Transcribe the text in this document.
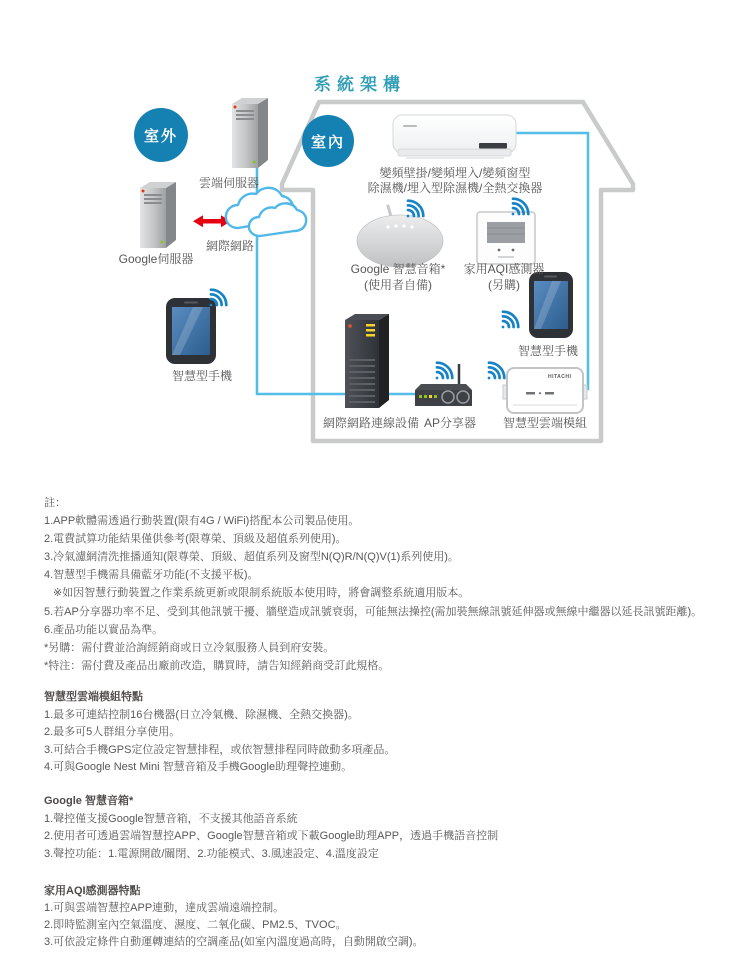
系統架構
室外	室內
雲端伺服器
Google伺服器
網際網路
變頻壁掛/變頻埋入/變頻窗型
除濕機/埋入型除濕機/全熱交換器
Google 智慧音箱*
(使用者自備)
家用AQI感測器
(另購)
智慧型手機
智慧型手機
網際網路連線設備 AP分享器 智慧型雲端模組
HITACHI
註：
1.APP軟體需透過行動裝置(限有4G / WiFi)搭配本公司製品使用。
2.電費試算功能結果僅供參考(限尊榮、頂級及超值系列使用)。
3.冷氣濾網清洗推播通知(限尊榮、頂級、超值系列及窗型N(Q)R/N(Q)V(1)系列使用)。
4.智慧型手機需具備藍牙功能(不支援平板)。
※如因智慧行動裝置之作業系統更新或限制系統版本使用時，將會調整系統適用版本。
5.若AP分享器功率不足、受到其他訊號干擾、牆壁造成訊號衰弱，可能無法操控(需加裝無線訊號延伸器或無線中繼器以延長訊號距離)。
6.產品功能以實品為準。
*另購：需付費並洽詢經銷商或日立冷氣服務人員到府安裝。
*特注：需付費及產品出廠前改造，購買時，請告知經銷商受訂此規格。
智慧型雲端模組特點
1.最多可連結控制16台機器(日立冷氣機、除濕機、全熱交換器)。
2.最多可5人群組分享使用。
3.可結合手機GPS定位設定智慧排程，或依智慧排程同時啟動多項產品。
4.可與Google Nest Mini 智慧音箱及手機Google助理聲控連動。
Google 智慧音箱*
1.聲控僅支援Google智慧音箱，不支援其他語音系統
2.使用者可透過雲端智慧控APP、Google智慧音箱或下載Google助理APP，透過手機語音控制
3.聲控功能：1.電源開啟/關閉、2.功能模式、3.風速設定、4.溫度設定
家用AQI感測器特點
1.可與雲端智慧控APP連動，達成雲端遠端控制。
2.即時監測室內空氣溫度、濕度、二氧化碳、PM2.5、TVOC。
3.可依設定條件自動運轉連結的空調產品(如室內溫度過高時，自動開啟空調)。
